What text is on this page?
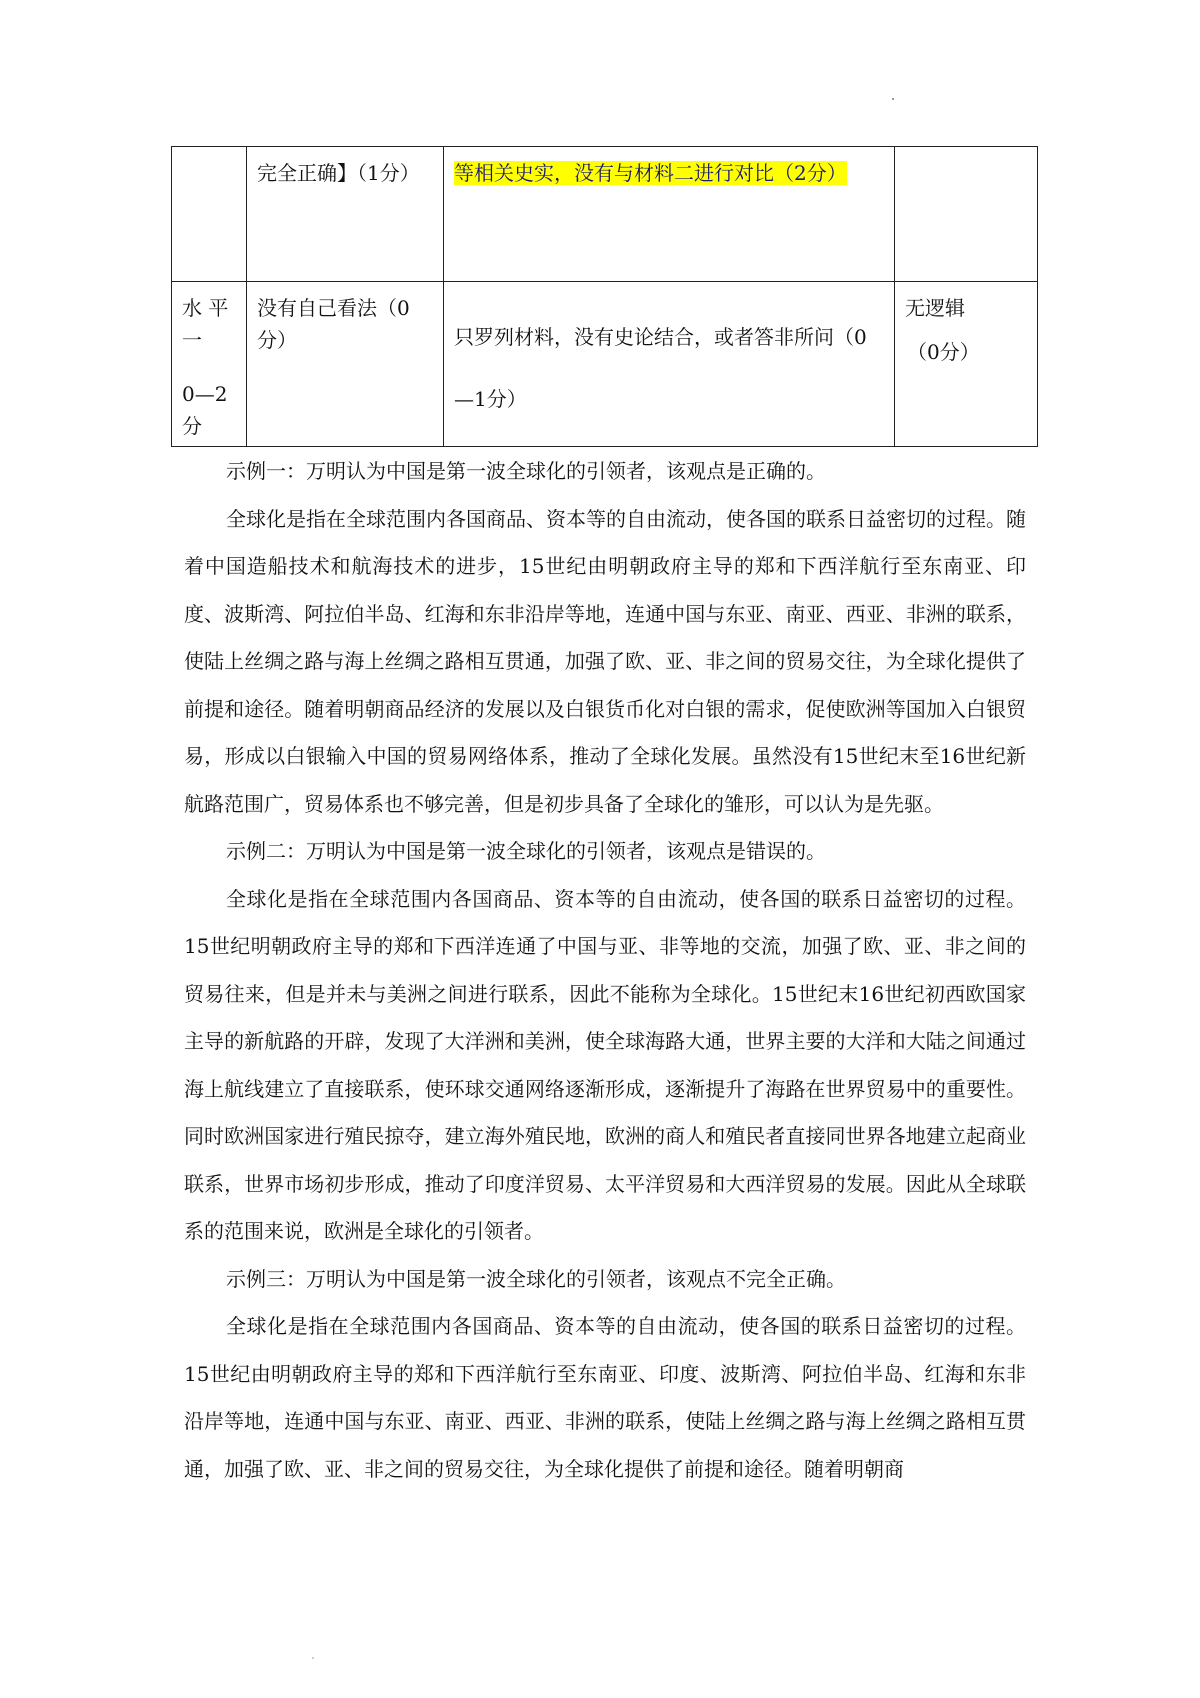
	完全正确】（1分）	等相关史实，没有与材料二进行对比（2分）	

水 平
一
0—2
分	没有自己看法（0分）	只罗列材料，没有史论结合，或者答非所问（0—1分）	无逻辑
（0分）

示例一：万明认为中国是第一波全球化的引领者，该观点是正确的。

全球化是指在全球范围内各国商品、资本等的自由流动，使各国的联系日益密切的过程。随着中国造船技术和航海技术的进步，15世纪由明朝政府主导的郑和下西洋航行至东南亚、印度、波斯湾、阿拉伯半岛、红海和东非沿岸等地，连通中国与东亚、南亚、西亚、非洲的联系，使陆上丝绸之路与海上丝绸之路相互贯通，加强了欧、亚、非之间的贸易交往，为全球化提供了前提和途径。随着明朝商品经济的发展以及白银货币化对白银的需求，促使欧洲等国加入白银贸易，形成以白银输入中国的贸易网络体系，推动了全球化发展。虽然没有15世纪末至16世纪新航路范围广，贸易体系也不够完善，但是初步具备了全球化的雏形，可以认为是先驱。

示例二：万明认为中国是第一波全球化的引领者，该观点是错误的。

全球化是指在全球范围内各国商品、资本等的自由流动，使各国的联系日益密切的过程。15世纪明朝政府主导的郑和下西洋连通了中国与亚、非等地的交流，加强了欧、亚、非之间的贸易往来，但是并未与美洲之间进行联系，因此不能称为全球化。15世纪末16世纪初西欧国家主导的新航路的开辟，发现了大洋洲和美洲，使全球海路大通，世界主要的大洋和大陆之间通过海上航线建立了直接联系，使环球交通网络逐渐形成，逐渐提升了海路在世界贸易中的重要性。同时欧洲国家进行殖民掠夺，建立海外殖民地，欧洲的商人和殖民者直接同世界各地建立起商业联系，世界市场初步形成，推动了印度洋贸易、太平洋贸易和大西洋贸易的发展。因此从全球联系的范围来说，欧洲是全球化的引领者。

示例三：万明认为中国是第一波全球化的引领者，该观点不完全正确。

全球化是指在全球范围内各国商品、资本等的自由流动，使各国的联系日益密切的过程。15世纪由明朝政府主导的郑和下西洋航行至东南亚、印度、波斯湾、阿拉伯半岛、红海和东非沿岸等地，连通中国与东亚、南亚、西亚、非洲的联系，使陆上丝绸之路与海上丝绸之路相互贯通，加强了欧、亚、非之间的贸易交往，为全球化提供了前提和途径。随着明朝商
